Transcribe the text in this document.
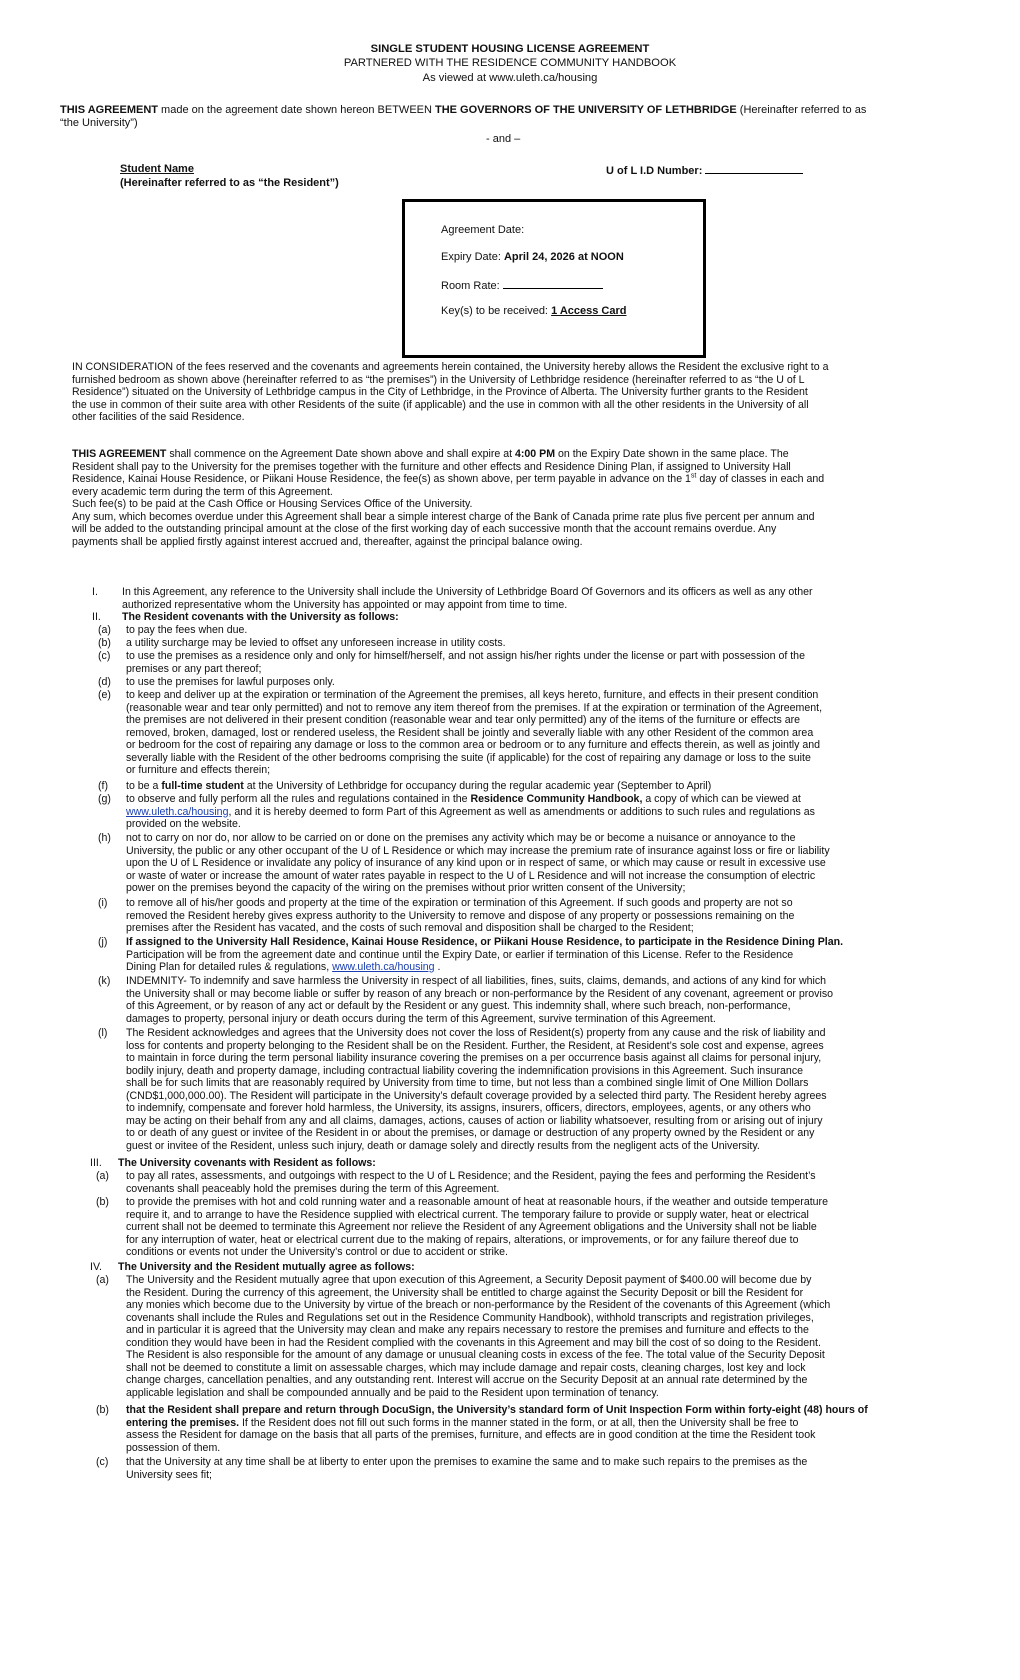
SINGLE STUDENT HOUSING LICENSE AGREEMENT
PARTNERED WITH THE RESIDENCE COMMUNITY HANDBOOK
As viewed at www.uleth.ca/housing
THIS AGREEMENT made on the agreement date shown hereon BETWEEN THE GOVERNORS OF THE UNIVERSITY OF LETHBRIDGE (Hereinafter referred to as
“the University”)
- and –
Student Name
(Hereinafter referred to as “the Resident”)
U of L I.D Number:
Agreement Date:
Expiry Date: April 24, 2026 at NOON
Room Rate:
Key(s) to be received: 1 Access Card
IN CONSIDERATION of the fees reserved and the covenants and agreements herein contained, the University hereby allows the Resident the exclusive right to a
furnished bedroom as shown above (hereinafter referred to as “the premises”) in the University of Lethbridge residence (hereinafter referred to as “the U of L
Residence”) situated on the University of Lethbridge campus in the City of Lethbridge, in the Province of Alberta. The University further grants to the Resident
the use in common of their suite area with other Residents of the suite (if applicable) and the use in common with all the other residents in the University of all
other facilities of the said Residence.
THIS AGREEMENT shall commence on the Agreement Date shown above and shall expire at 4:00 PM on the Expiry Date shown in the same place. The
Resident shall pay to the University for the premises together with the furniture and other effects and Residence Dining Plan, if assigned to University Hall
Residence, Kainai House Residence, or Piikani House Residence, the fee(s) as shown above, per term payable in advance on the 1st day of classes in each and
every academic term during the term of this Agreement.
Such fee(s) to be paid at the Cash Office or Housing Services Office of the University.
Any sum, which becomes overdue under this Agreement shall bear a simple interest charge of the Bank of Canada prime rate plus five percent per annum and
will be added to the outstanding principal amount at the close of the first working day of each successive month that the account remains overdue. Any
payments shall be applied firstly against interest accrued and, thereafter, against the principal balance owing.
I. In this Agreement, any reference to the University shall include the University of Lethbridge Board Of Governors and its officers as well as any other
authorized representative whom the University has appointed or may appoint from time to time.
II. The Resident covenants with the University as follows:
(a) to pay the fees when due.
(b) a utility surcharge may be levied to offset any unforeseen increase in utility costs.
(c) to use the premises as a residence only and only for himself/herself, and not assign his/her rights under the license or part with possession of the
premises or any part thereof;
(d) to use the premises for lawful purposes only.
(e) to keep and deliver up at the expiration or termination of the Agreement the premises, all keys hereto, furniture, and effects in their present condition
(reasonable wear and tear only permitted) and not to remove any item thereof from the premises. If at the expiration or termination of the Agreement,
the premises are not delivered in their present condition (reasonable wear and tear only permitted) any of the items of the furniture or effects are
removed, broken, damaged, lost or rendered useless, the Resident shall be jointly and severally liable with any other Resident of the common area
or bedroom for the cost of repairing any damage or loss to the common area or bedroom or to any furniture and effects therein, as well as jointly and
severally liable with the Resident of the other bedrooms comprising the suite (if applicable) for the cost of repairing any damage or loss to the suite
or furniture and effects therein;
(f) to be a full-time student at the University of Lethbridge for occupancy during the regular academic year (September to April)
(g) to observe and fully perform all the rules and regulations contained in the Residence Community Handbook, a copy of which can be viewed at
www.uleth.ca/housing, and it is hereby deemed to form Part of this Agreement as well as amendments or additions to such rules and regulations as
provided on the website.
(h) not to carry on nor do, nor allow to be carried on or done on the premises any activity which may be or become a nuisance or annoyance to the
University, the public or any other occupant of the U of L Residence or which may increase the premium rate of insurance against loss or fire or liability
upon the U of L Residence or invalidate any policy of insurance of any kind upon or in respect of same, or which may cause or result in excessive use
or waste of water or increase the amount of water rates payable in respect to the U of L Residence and will not increase the consumption of electric
power on the premises beyond the capacity of the wiring on the premises without prior written consent of the University;
(i) to remove all of his/her goods and property at the time of the expiration or termination of this Agreement. If such goods and property are not so
removed the Resident hereby gives express authority to the University to remove and dispose of any property or possessions remaining on the
premises after the Resident has vacated, and the costs of such removal and disposition shall be charged to the Resident;
(j) If assigned to the University Hall Residence, Kainai House Residence, or Piikani House Residence, to participate in the Residence Dining Plan.
Participation will be from the agreement date and continue until the Expiry Date, or earlier if termination of this License. Refer to the Residence
Dining Plan for detailed rules & regulations, www.uleth.ca/housing .
(k) INDEMNITY- To indemnify and save harmless the University in respect of all liabilities, fines, suits, claims, demands, and actions of any kind for which
the University shall or may become liable or suffer by reason of any breach or non-performance by the Resident of any covenant, agreement or proviso
of this Agreement, or by reason of any act or default by the Resident or any guest. This indemnity shall, where such breach, non-performance,
damages to property, personal injury or death occurs during the term of this Agreement, survive termination of this Agreement.
(l) The Resident acknowledges and agrees that the University does not cover the loss of Resident(s) property from any cause and the risk of liability and
loss for contents and property belonging to the Resident shall be on the Resident. Further, the Resident, at Resident’s sole cost and expense, agrees
to maintain in force during the term personal liability insurance covering the premises on a per occurrence basis against all claims for personal injury,
bodily injury, death and property damage, including contractual liability covering the indemnification provisions in this Agreement. Such insurance
shall be for such limits that are reasonably required by University from time to time, but not less than a combined single limit of One Million Dollars
(CND$1,000,000.00). The Resident will participate in the University’s default coverage provided by a selected third party. The Resident hereby agrees
to indemnify, compensate and forever hold harmless, the University, its assigns, insurers, officers, directors, employees, agents, or any others who
may be acting on their behalf from any and all claims, damages, actions, causes of action or liability whatsoever, resulting from or arising out of injury
to or death of any guest or invitee of the Resident in or about the premises, or damage or destruction of any property owned by the Resident or any
guest or invitee of the Resident, unless such injury, death or damage solely and directly results from the negligent acts of the University.
III. The University covenants with Resident as follows:
(a) to pay all rates, assessments, and outgoings with respect to the U of L Residence; and the Resident, paying the fees and performing the Resident’s
covenants shall peaceably hold the premises during the term of this Agreement.
(b) to provide the premises with hot and cold running water and a reasonable amount of heat at reasonable hours, if the weather and outside temperature
require it, and to arrange to have the Residence supplied with electrical current. The temporary failure to provide or supply water, heat or electrical
current shall not be deemed to terminate this Agreement nor relieve the Resident of any Agreement obligations and the University shall not be liable
for any interruption of water, heat or electrical current due to the making of repairs, alterations, or improvements, or for any failure thereof due to
conditions or events not under the University’s control or due to accident or strike.
IV. The University and the Resident mutually agree as follows:
(a) The University and the Resident mutually agree that upon execution of this Agreement, a Security Deposit payment of $400.00 will become due by
the Resident. During the currency of this agreement, the University shall be entitled to charge against the Security Deposit or bill the Resident for
any monies which become due to the University by virtue of the breach or non-performance by the Resident of the covenants of this Agreement (which
covenants shall include the Rules and Regulations set out in the Residence Community Handbook), withhold transcripts and registration privileges,
and in particular it is agreed that the University may clean and make any repairs necessary to restore the premises and furniture and effects to the
condition they would have been in had the Resident complied with the covenants in this Agreement and may bill the cost of so doing to the Resident.
The Resident is also responsible for the amount of any damage or unusual cleaning costs in excess of the fee. The total value of the Security Deposit
shall not be deemed to constitute a limit on assessable charges, which may include damage and repair costs, cleaning charges, lost key and lock
change charges, cancellation penalties, and any outstanding rent. Interest will accrue on the Security Deposit at an annual rate determined by the
applicable legislation and shall be compounded annually and be paid to the Resident upon termination of tenancy.
(b) that the Resident shall prepare and return through DocuSign, the University’s standard form of Unit Inspection Form within forty-eight (48) hours of
entering the premises. If the Resident does not fill out such forms in the manner stated in the form, or at all, then the University shall be free to
assess the Resident for damage on the basis that all parts of the premises, furniture, and effects are in good condition at the time the Resident took
possession of them.
(c) that the University at any time shall be at liberty to enter upon the premises to examine the same and to make such repairs to the premises as the
University sees fit;
